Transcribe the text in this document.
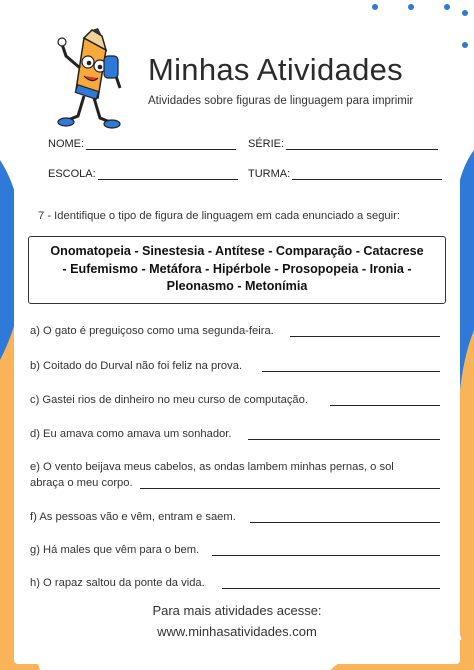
Minhas Atividades
Atividades sobre figuras de linguagem para imprimir
NOME:	SÉRIE:
ESCOLA:	TURMA:
7 - Identifique o tipo de figura de linguagem em cada enunciado a seguir:
Onomatopeia - Sinestesia - Antítese - Comparação - Catacrese
- Eufemismo - Metáfora - Hipérbole - Prosopopeia - Ironia -
Pleonasmo - Metonímia
a) O gato é preguiçoso como uma segunda-feira.
b) Coitado do Durval não foi feliz na prova.
c) Gastei rios de dinheiro no meu curso de computação.
d) Eu amava como amava um sonhador.
e) O vento beijava meus cabelos, as ondas lambem minhas pernas, o sol
abraça o meu corpo.
f) As pessoas vão e vêm, entram e saem.
g) Há males que vêm para o bem.
h) O rapaz saltou da ponte da vida.
Para mais atividades acesse:
www.minhasatividades.com
